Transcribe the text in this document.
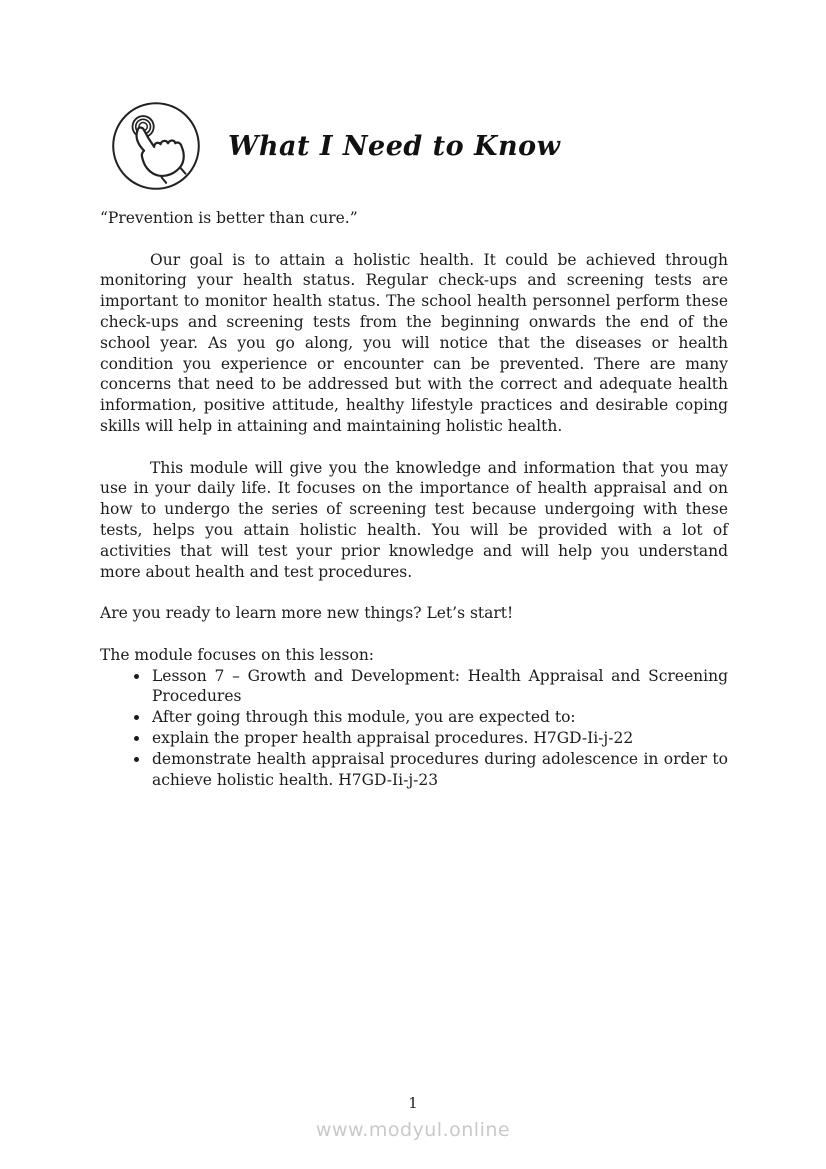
What I Need to Know
“Prevention is better than cure.”

Our goal is to attain a holistic health. It could be achieved through monitoring your health status. Regular check-ups and screening tests are important to monitor health status. The school health personnel perform these check-ups and screening tests from the beginning onwards the end of the school year. As you go along, you will notice that the diseases or health condition you experience or encounter can be prevented. There are many concerns that need to be addressed but with the correct and adequate health information, positive attitude, healthy lifestyle practices and desirable coping skills will help in attaining and maintaining holistic health.

This module will give you the knowledge and information that you may use in your daily life. It focuses on the importance of health appraisal and on how to undergo the series of screening test because undergoing with these tests, helps you attain holistic health. You will be provided with a lot of activities that will test your prior knowledge and will help you understand more about health and test procedures.

Are you ready to learn more new things? Let’s start!
The module focuses on this lesson:
• Lesson 7 – Growth and Development: Health Appraisal and Screening Procedures
• After going through this module, you are expected to:
• explain the proper health appraisal procedures. H7GD-Ii-j-22
• demonstrate health appraisal procedures during adolescence in order to achieve holistic health. H7GD-Ii-j-23
1
www.modyul.online
